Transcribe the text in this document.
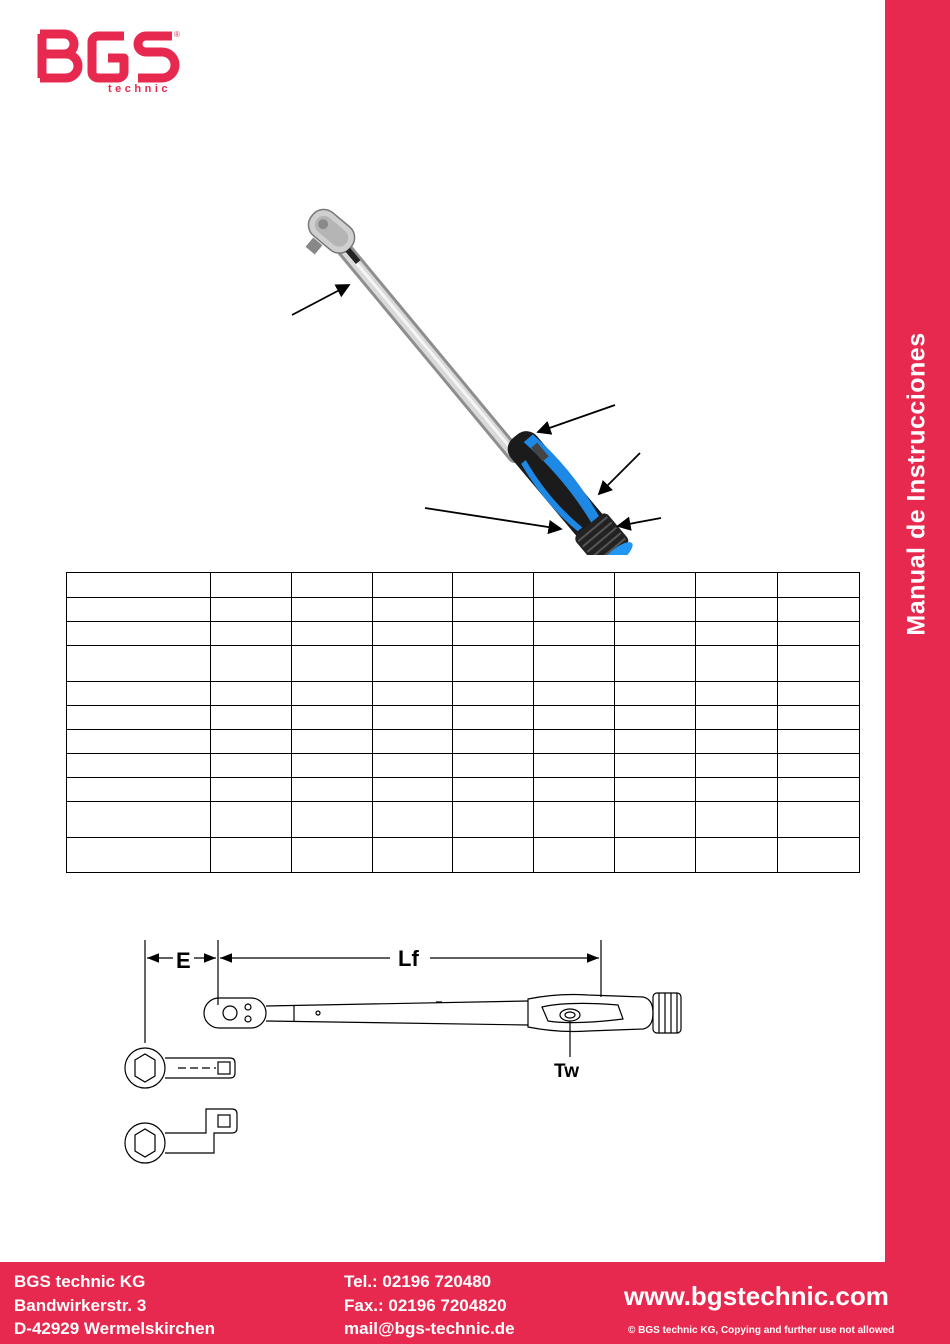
®
technic

E	Lf
Tw
Manual de Instrucciones
BGS technic KG
Bandwirkerstr. 3
D-42929 Wermelskirchen
Tel.: 02196 720480
Fax.: 02196 7204820
mail@bgs-technic.de
www.bgstechnic.com
© BGS technic KG, Copying and further use not allowed
